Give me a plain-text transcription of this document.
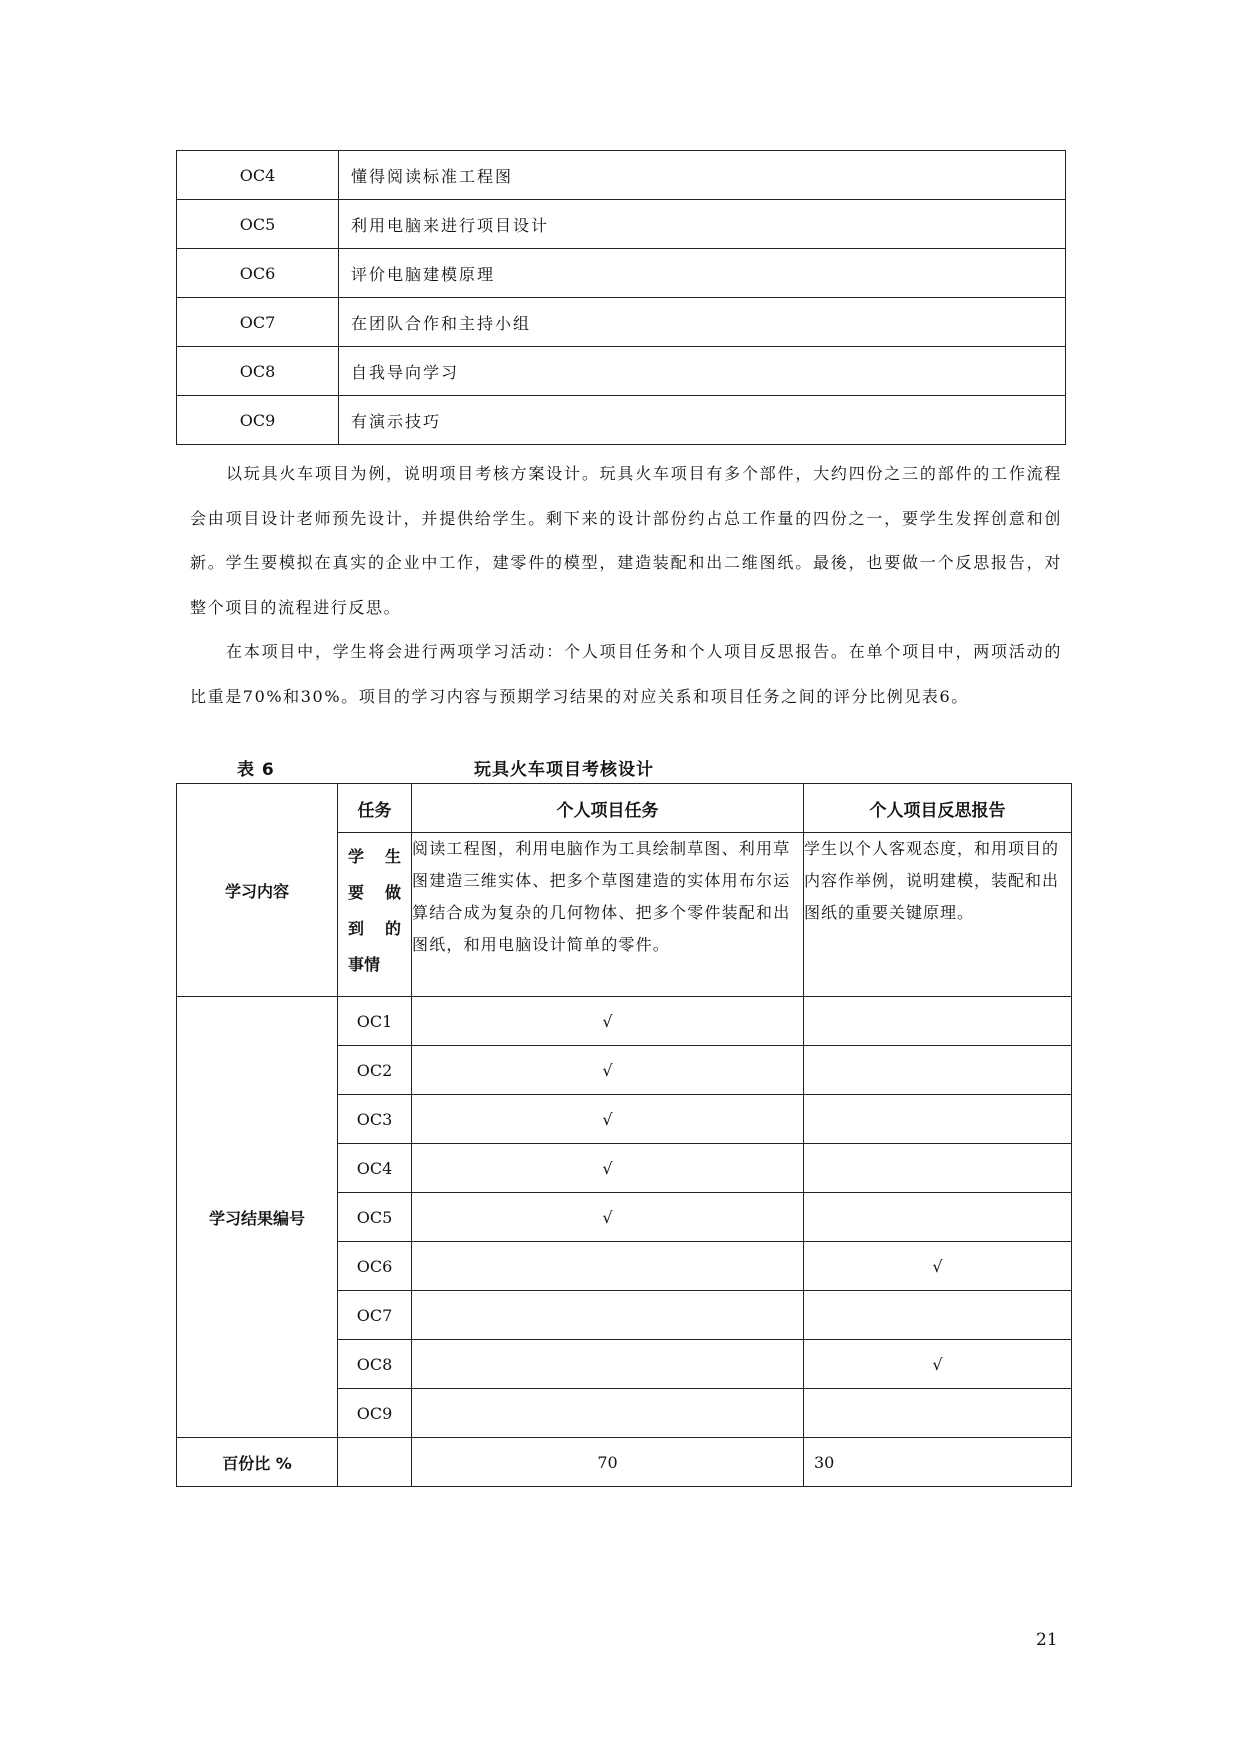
OC4	懂得阅读标准工程图
OC5	利用电脑来进行项目设计
OC6	评价电脑建模原理
OC7	在团队合作和主持小组
OC8	自我导向学习
OC9	有演示技巧

以玩具火车项目为例，说明项目考核方案设计。玩具火车项目有多个部件，大约四份之三的部件的工作流程会由项目设计老师预先设计，并提供给学生。剩下来的设计部份约占总工作量的四份之一，要学生发挥创意和创新。学生要模拟在真实的企业中工作，建零件的模型，建造装配和出二维图纸。最後，也要做一个反思报告，对整个项目的流程进行反思。

在本项目中，学生将会进行两项学习活动：个人项目任务和个人项目反思报告。在单个项目中，两项活动的比重是70%和30%。项目的学习内容与预期学习结果的对应关系和项目任务之间的评分比例见表6。

表 6	玩具火车项目考核设计
学习内容	任务	个人项目任务	个人项目反思报告

	学 生
要 做
到 的
事情	阅读工程图，利用电脑作为工具绘制草图、利用草图建造三维实体、把多个草图建造的实体用布尔运算结合成为复杂的几何物体、把多个零件装配和出图纸，和用电脑设计简单的零件。	学生以个人客观态度，和用项目的内容作举例，说明建模，装配和出图纸的重要关键原理。
学习结果编号	OC1	√	
	OC2	√	
	OC3	√	
	OC4	√	
	OC5	√	
	OC6		√
	OC7		
	OC8		√
	OC9		
百份比 %		70	30
21
